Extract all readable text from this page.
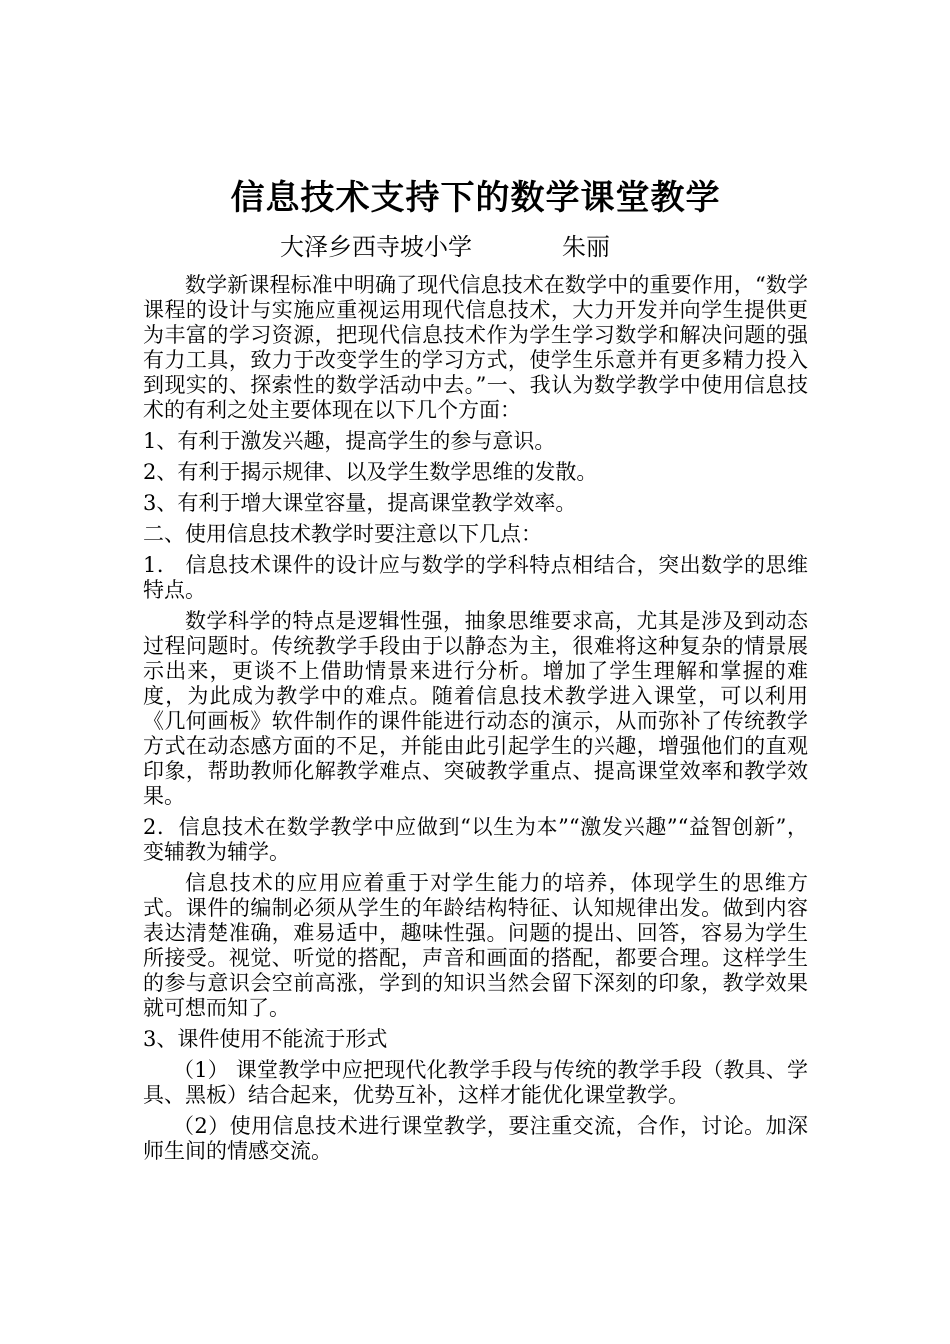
信息技术支持下的数学课堂教学
大泽乡西寺坡小学	朱丽

数学新课程标准中明确了现代信息技术在数学中的重要作用，“数学课程的设计与实施应重视运用现代信息技术，大力开发并向学生提供更为丰富的学习资源，把现代信息技术作为学生学习数学和解决问题的强有力工具，致力于改变学生的学习方式，使学生乐意并有更多精力投入到现实的、探索性的数学活动中去。”一、我认为数学教学中使用信息技术的有利之处主要体现在以下几个方面：

1、有利于激发兴趣，提高学生的参与意识。

2、有利于揭示规律、以及学生数学思维的发散。

3、有利于增大课堂容量，提高课堂教学效率。

二、使用信息技术教学时要注意以下几点：

1． 信息技术课件的设计应与数学的学科特点相结合，突出数学的思维特点。

数学科学的特点是逻辑性强，抽象思维要求高，尤其是涉及到动态过程问题时。传统教学手段由于以静态为主，很难将这种复杂的情景展示出来，更谈不上借助情景来进行分析。增加了学生理解和掌握的难度，为此成为教学中的难点。随着信息技术教学进入课堂，可以利用《几何画板》软件制作的课件能进行动态的演示，从而弥补了传统教学方式在动态感方面的不足，并能由此引起学生的兴趣，增强他们的直观印象，帮助教师化解教学难点、突破教学重点、提高课堂效率和教学效果。

2．信息技术在数学教学中应做到“以生为本”“激发兴趣”“益智创新”，变辅教为辅学。

信息技术的应用应着重于对学生能力的培养，体现学生的思维方式。课件的编制必须从学生的年龄结构特征、认知规律出发。做到内容表达清楚准确，难易适中，趣味性强。问题的提出、回答，容易为学生所接受。视觉、听觉的搭配，声音和画面的搭配，都要合理。这样学生的参与意识会空前高涨，学到的知识当然会留下深刻的印象，教学效果就可想而知了。

3、课件使用不能流于形式

（1） 课堂教学中应把现代化教学手段与传统的教学手段（教具、学具、黑板）结合起来，优势互补，这样才能优化课堂教学。

（2）使用信息技术进行课堂教学，要注重交流，合作，讨论。加深师生间的情感交流。
